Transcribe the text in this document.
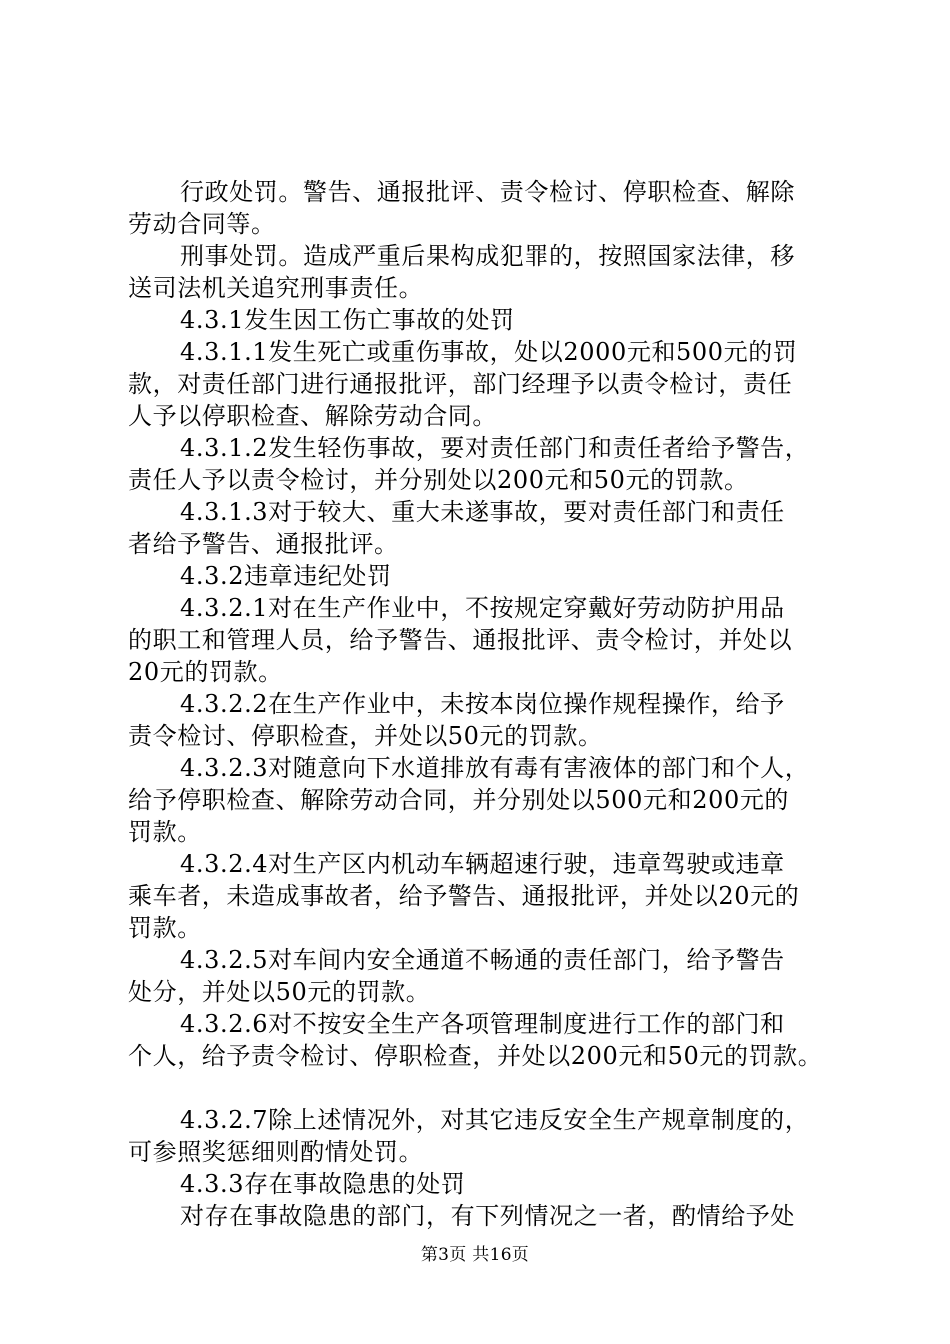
行政处罚。警告、通报批评、责令检讨、停职检查、解除
劳动合同等。
刑事处罚。造成严重后果构成犯罪的，按照国家法律，移
送司法机关追究刑事责任。
4.3.1发生因工伤亡事故的处罚
4.3.1.1发生死亡或重伤事故，处以2000元和500元的罚
款，对责任部门进行通报批评，部门经理予以责令检讨，责任
人予以停职检查、解除劳动合同。
4.3.1.2发生轻伤事故，要对责任部门和责任者给予警告，
责任人予以责令检讨，并分别处以200元和50元的罚款。
4.3.1.3对于较大、重大未遂事故，要对责任部门和责任
者给予警告、通报批评。
4.3.2违章违纪处罚
4.3.2.1对在生产作业中，不按规定穿戴好劳动防护用品
的职工和管理人员，给予警告、通报批评、责令检讨，并处以
20元的罚款。
4.3.2.2在生产作业中，未按本岗位操作规程操作，给予
责令检讨、停职检查，并处以50元的罚款。
4.3.2.3对随意向下水道排放有毒有害液体的部门和个人，
给予停职检查、解除劳动合同，并分别处以500元和200元的
罚款。
4.3.2.4对生产区内机动车辆超速行驶，违章驾驶或违章
乘车者，未造成事故者，给予警告、通报批评，并处以20元的
罚款。
4.3.2.5对车间内安全通道不畅通的责任部门，给予警告
处分，并处以50元的罚款。
4.3.2.6对不按安全生产各项管理制度进行工作的部门和
个人，给予责令检讨、停职检查，并处以200元和50元的罚款。
4.3.2.7除上述情况外，对其它违反安全生产规章制度的，
可参照奖惩细则酌情处罚。
4.3.3存在事故隐患的处罚
对存在事故隐患的部门，有下列情况之一者，酌情给予处
第3页 共16页
